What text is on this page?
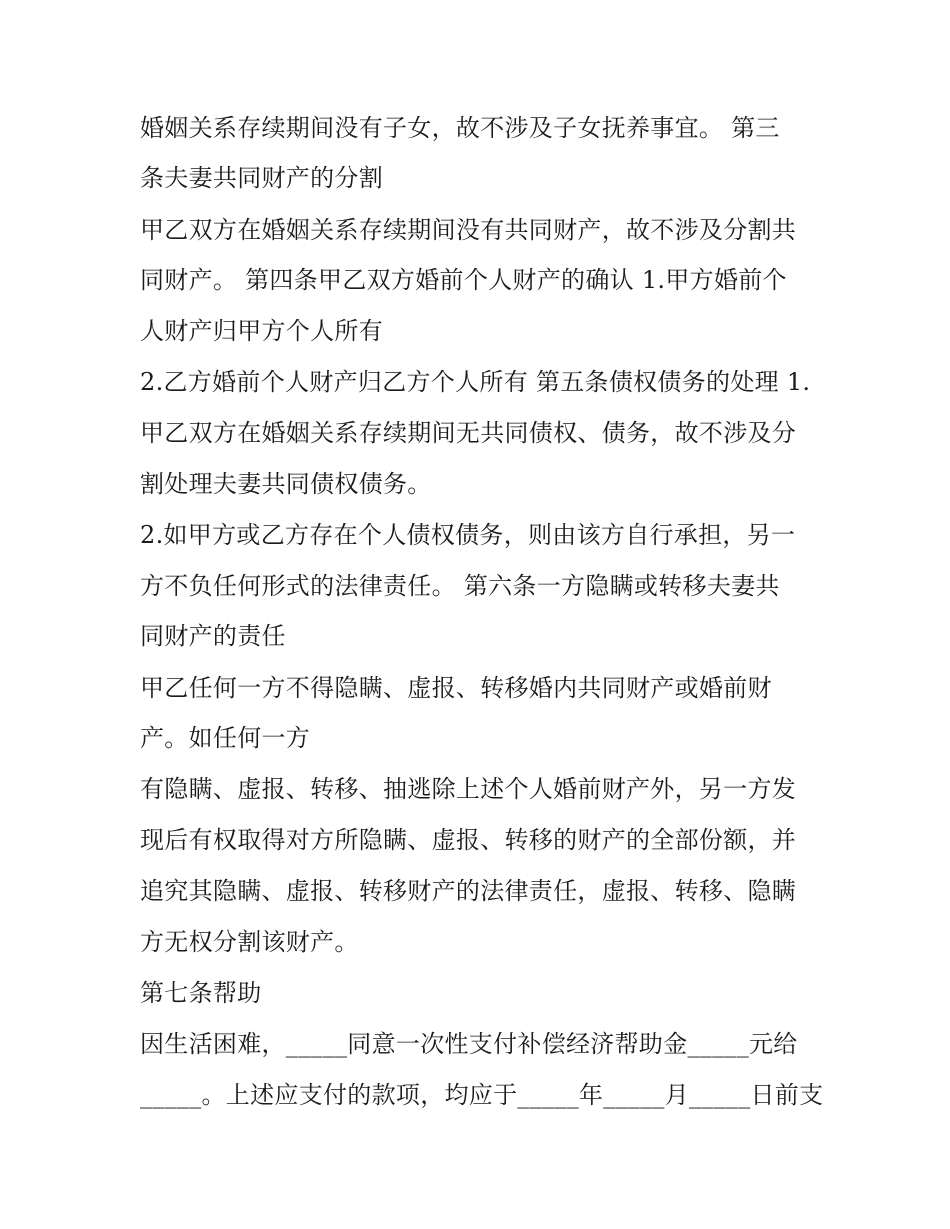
婚姻关系存续期间没有子女，故不涉及子女抚养事宜。 第三
条夫妻共同财产的分割
甲乙双方在婚姻关系存续期间没有共同财产，故不涉及分割共
同财产。 第四条甲乙双方婚前个人财产的确认 1.甲方婚前个
人财产归甲方个人所有
2.乙方婚前个人财产归乙方个人所有 第五条债权债务的处理 1.
甲乙双方在婚姻关系存续期间无共同债权、债务，故不涉及分
割处理夫妻共同债权债务。
2.如甲方或乙方存在个人债权债务，则由该方自行承担，另一
方不负任何形式的法律责任。 第六条一方隐瞒或转移夫妻共
同财产的责任
甲乙任何一方不得隐瞒、虚报、转移婚内共同财产或婚前财
产。如任何一方
有隐瞒、虚报、转移、抽逃除上述个人婚前财产外，另一方发
现后有权取得对方所隐瞒、虚报、转移的财产的全部份额，并
追究其隐瞒、虚报、转移财产的法律责任，虚报、转移、隐瞒
方无权分割该财产。
第七条帮助
因生活困难，_____同意一次性支付补偿经济帮助金_____元给
_____。上述应支付的款项，均应于_____年_____月_____日前支
